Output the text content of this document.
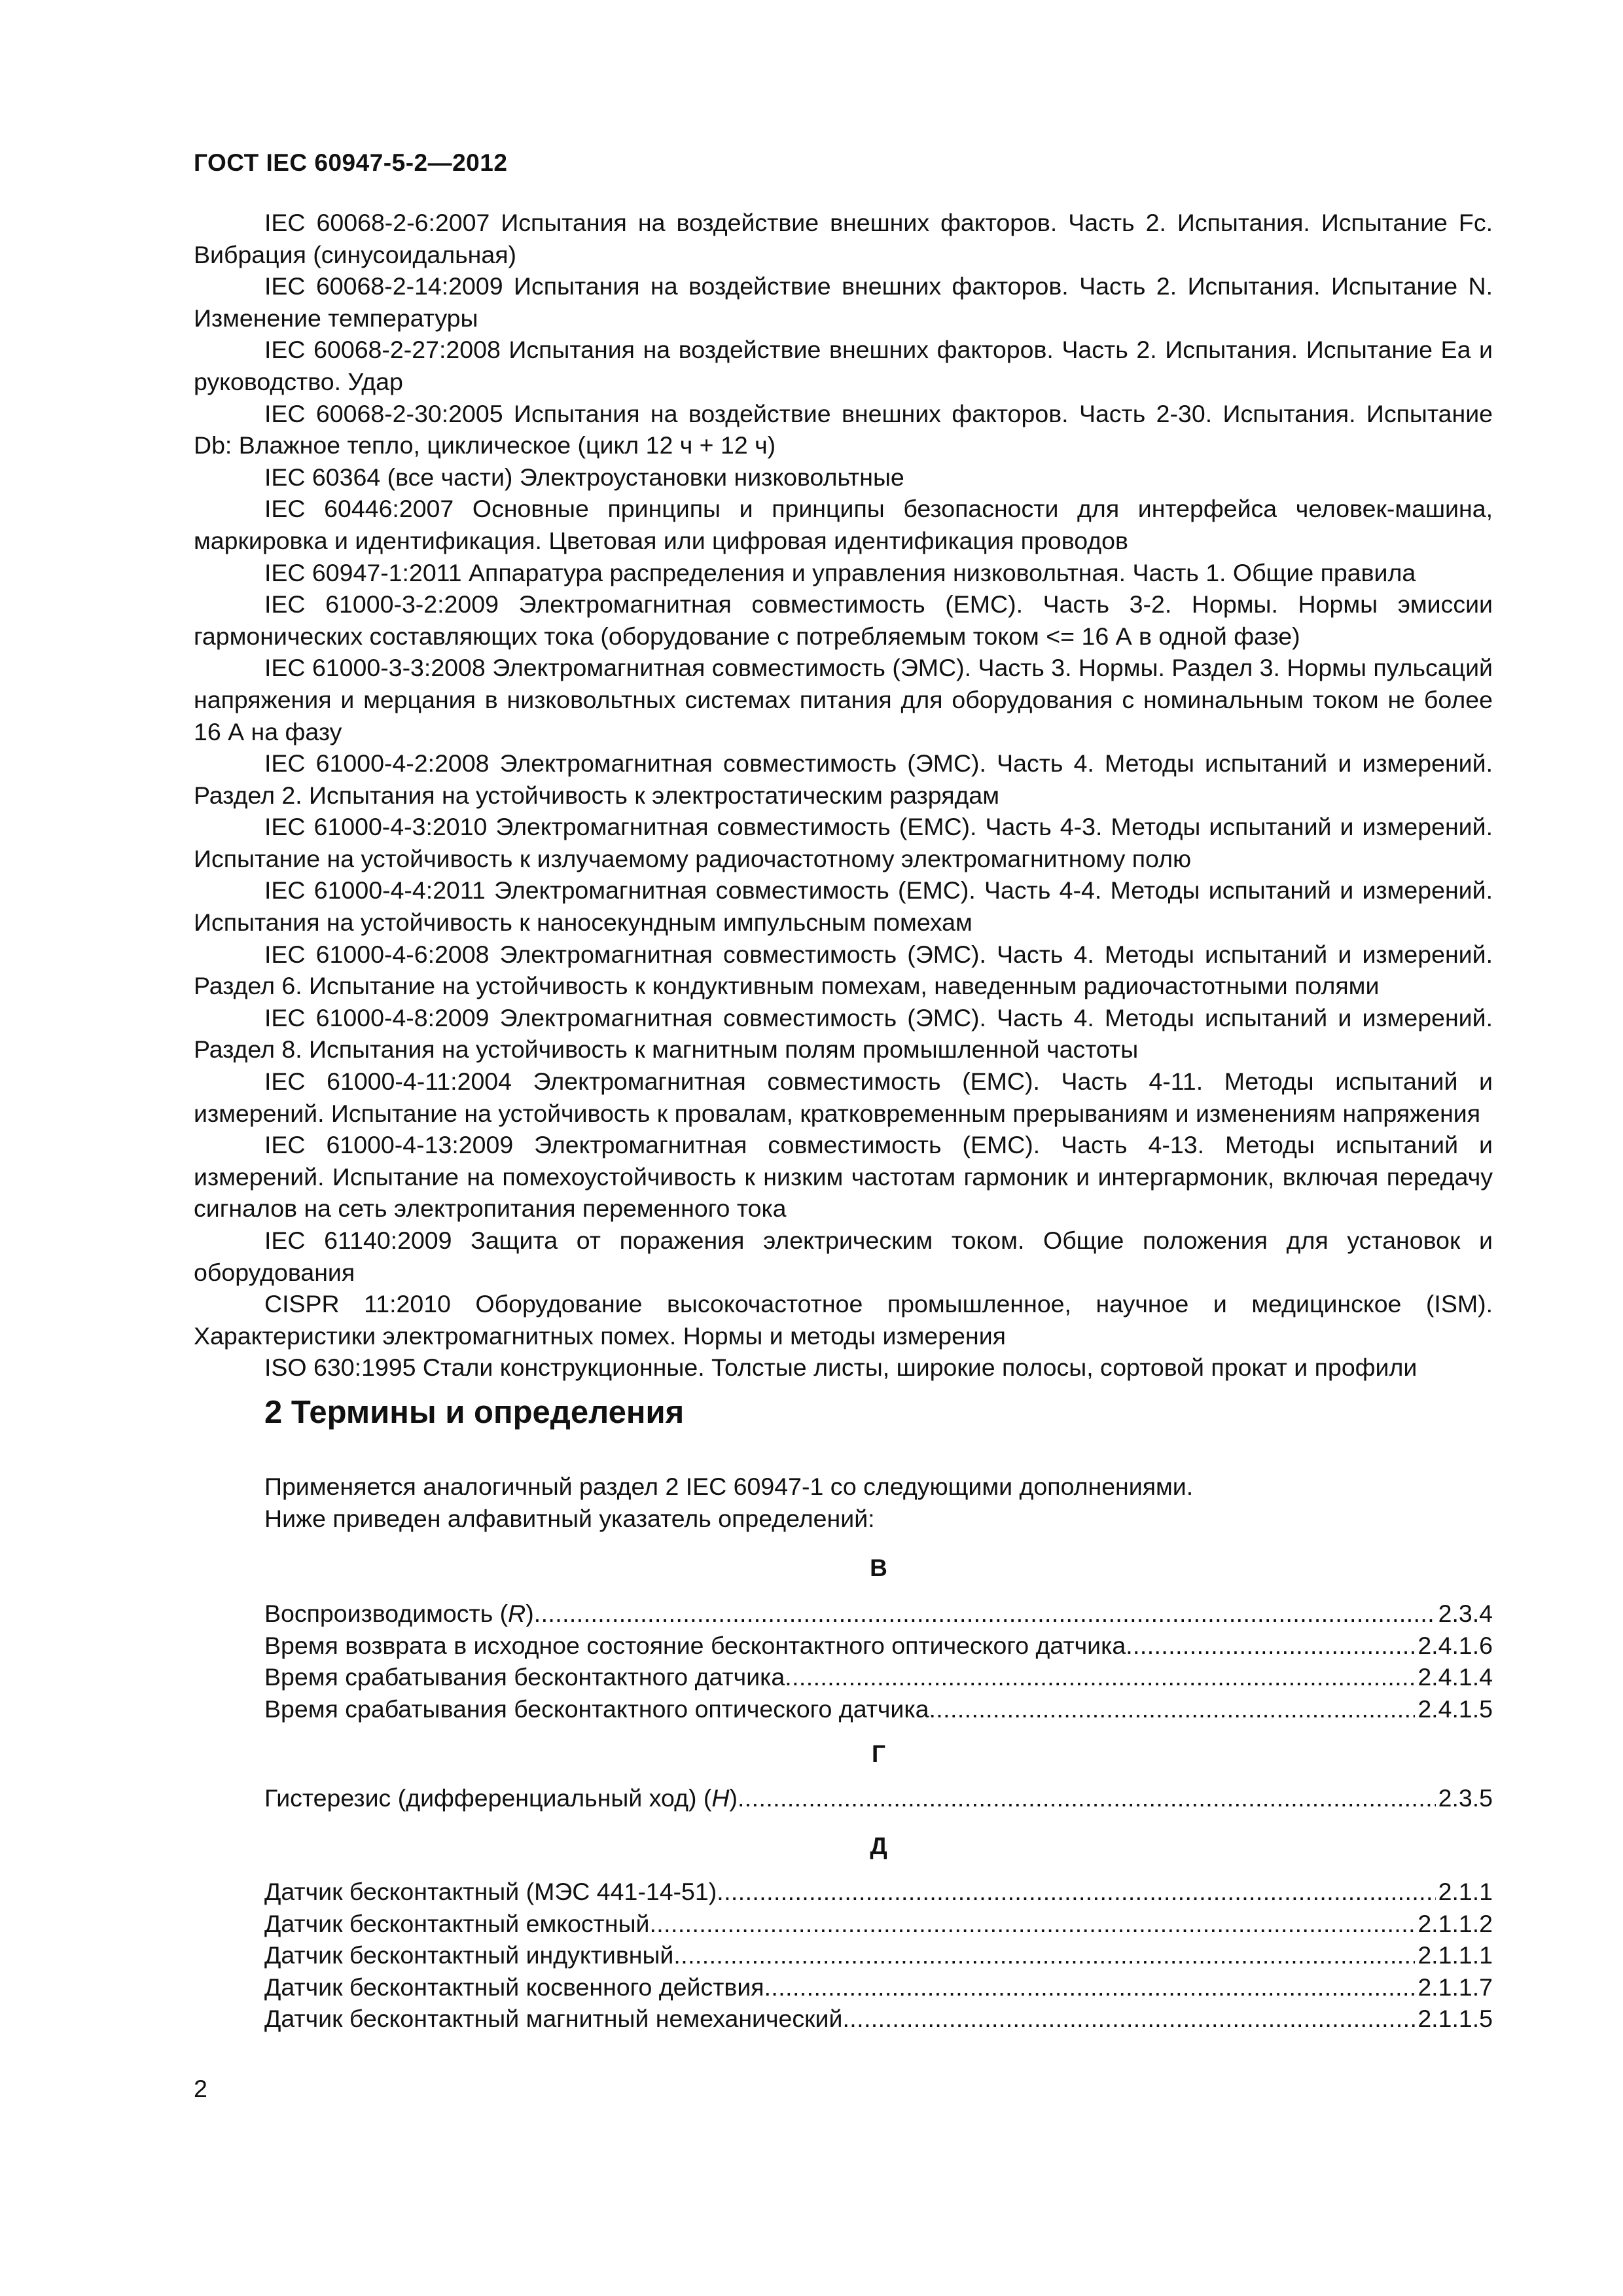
ГОСТ IEC 60947-5-2—2012

IEC 60068-2-6:2007 Испытания на воздействие внешних факторов. Часть 2. Испытания. Испытание Fc. Вибрация (синусоидальная)

IEC 60068-2-14:2009 Испытания на воздействие внешних факторов. Часть 2. Испытания. Испытание N. Изменение температуры

IEC 60068-2-27:2008 Испытания на воздействие внешних факторов. Часть 2. Испытания. Испытание Еа и руководство. Удар

IEC 60068-2-30:2005 Испытания на воздействие внешних факторов. Часть 2-30. Испытания. Испытание Db: Влажное тепло, циклическое (цикл 12 ч + 12 ч)

IEC 60364 (все части) Электроустановки низковольтные

IEC 60446:2007 Основные принципы и принципы безопасности для интерфейса человек-машина, маркировка и идентификация. Цветовая или цифровая идентификация проводов

IEC 60947-1:2011 Аппаратура распределения и управления низковольтная. Часть 1. Общие правила

IEC 61000-3-2:2009 Электромагнитная совместимость (ЕМС). Часть 3-2. Нормы. Нормы эмиссии гармонических составляющих тока (оборудование с потребляемым током <= 16 А в одной фазе)

IEC 61000-3-3:2008 Электромагнитная совместимость (ЭМС). Часть 3. Нормы. Раздел 3. Нормы пульсаций напряжения и мерцания в низковольтных системах питания для оборудования с номинальным током не более 16 А на фазу

IEC 61000-4-2:2008 Электромагнитная совместимость (ЭМС). Часть 4. Методы испытаний и измерений. Раздел 2. Испытания на устойчивость к электростатическим разрядам

IEC 61000-4-3:2010 Электромагнитная совместимость (ЕМС). Часть 4-3. Методы испытаний и измерений. Испытание на устойчивость к излучаемому радиочастотному электромагнитному полю

IEC 61000-4-4:2011 Электромагнитная совместимость (ЕМС). Часть 4-4. Методы испытаний и измерений. Испытания на устойчивость к наносекундным импульсным помехам

IEC 61000-4-6:2008 Электромагнитная совместимость (ЭМС). Часть 4. Методы испытаний и измерений. Раздел 6. Испытание на устойчивость к кондуктивным помехам, наведенным радиочастотными полями

IEC 61000-4-8:2009 Электромагнитная совместимость (ЭМС). Часть 4. Методы испытаний и измерений. Раздел 8. Испытания на устойчивость к магнитным полям промышленной частоты

IEC 61000-4-11:2004 Электромагнитная совместимость (ЕМС). Часть 4-11. Методы испытаний и измерений. Испытание на устойчивость к провалам, кратковременным прерываниям и изменениям напряжения

IEC 61000-4-13:2009 Электромагнитная совместимость (ЕМС). Часть 4-13. Методы испытаний и измерений. Испытание на помехоустойчивость к низким частотам гармоник и интергармоник, включая передачу сигналов на сеть электропитания переменного тока

IEC 61140:2009 Защита от поражения электрическим током. Общие положения для установок и оборудования

CISPR 11:2010 Оборудование высокочастотное промышленное, научное и медицинское (ISM). Характеристики электромагнитных помех. Нормы и методы измерения

ISO 630:1995 Стали конструкционные. Толстые листы, широкие полосы, сортовой прокат и профили

2 Термины и определения

Применяется аналогичный раздел 2 IEC 60947-1 со следующими дополнениями.

Ниже приведен алфавитный указатель определений:

В
Воспроизводимость (R) . . .	2.3.4
Время возврата в исходное состояние бесконтактного оптического датчика . . .	2.4.1.6
Время срабатывания бесконтактного датчика . . .	2.4.1.4
Время срабатывания бесконтактного оптического датчика . . .	2.4.1.5
Г
Гистерезис (дифференциальный ход) (H) . . .	2.3.5
Д
Датчик бесконтактный (МЭС 441-14-51) . . .	2.1.1
Датчик бесконтактный емкостный . . .	2.1.1.2
Датчик бесконтактный индуктивный . . .	2.1.1.1
Датчик бесконтактный косвенного действия . . .	2.1.1.7
Датчик бесконтактный магнитный немеханический . . .	2.1.1.5
2
